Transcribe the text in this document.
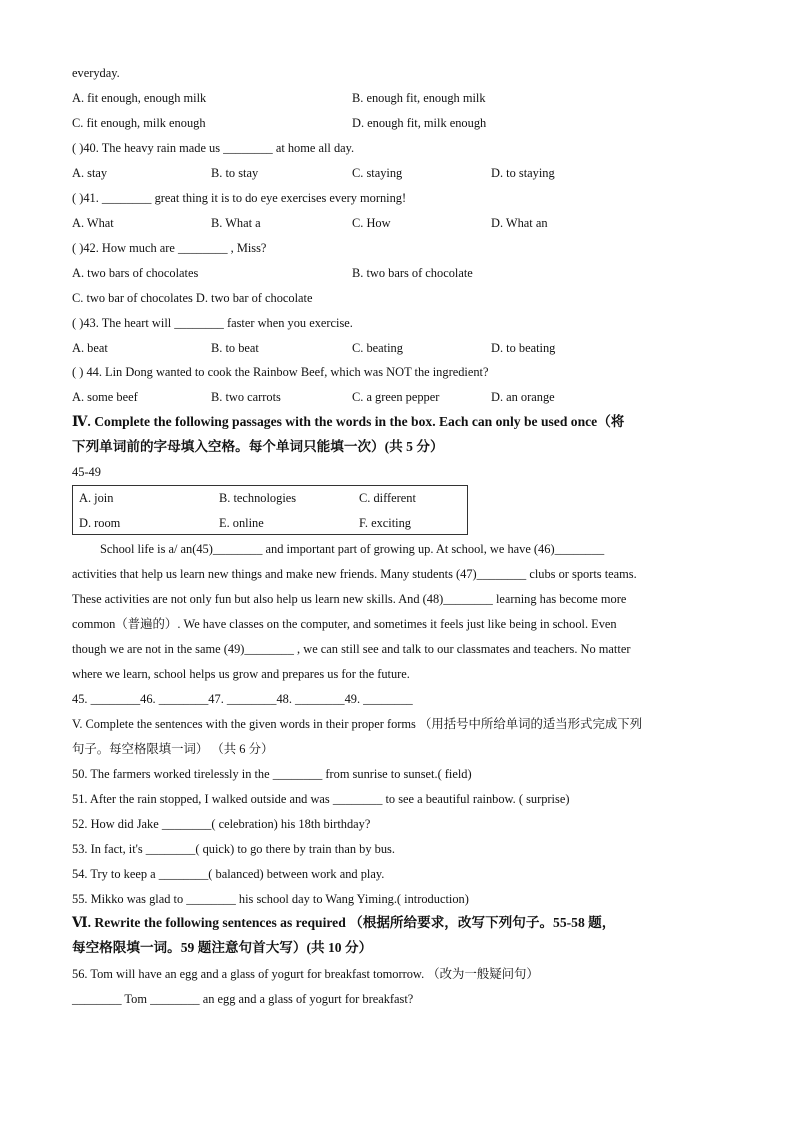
everyday.
A. fit enough, enough milk	B. enough fit, enough milk
C. fit enough, milk enough	D. enough fit, milk enough
( )40. The heavy rain made us ________ at home all day.
A. stay	B. to stay	C. staying	D. to staying
( )41. ________ great thing it is to do eye exercises every morning!
A. What	B. What a	C. How	D. What an
( )42. How much are ________ , Miss?
A. two bars of chocolates	B. two bars of chocolate
C. two bar of chocolates D. two bar of chocolate
( )43. The heart will ________ faster when you exercise.
A. beat	B. to beat	C. beating	D. to beating
( ) 44. Lin Dong wanted to cook the Rainbow Beef, which was NOT the ingredient?
A. some beef	B. two carrots	C. a green pepper	D. an orange
Ⅳ. Complete the following passages with the words in the box. Each can only be used once（将
下列单词前的字母填入空格。每个单词只能填一次）(共 5 分）
45-49
A. join	B. technologies	C. different
D. room	E. online	F. exciting
School life is a/ an(45)________ and important part of growing up. At school, we have (46)________
activities that help us learn new things and make new friends. Many students (47)________ clubs or sports teams.
These activities are not only fun but also help us learn new skills. And (48)________ learning has become more
common（普遍的）. We have classes on the computer, and sometimes it feels just like being in school. Even
though we are not in the same (49)________ , we can still see and talk to our classmates and teachers. No matter
where we learn, school helps us grow and prepares us for the future.
45. ________46. ________47. ________48. ________49. ________
V. Complete the sentences with the given words in their proper forms （用括号中所给单词的适当形式完成下列
句子。每空格限填一词） （共 6 分）
50. The farmers worked tirelessly in the ________ from sunrise to sunset.( field)
51. After the rain stopped, I walked outside and was ________ to see a beautiful rainbow. ( surprise)
52. How did Jake ________( celebration) his 18th birthday?
53. In fact, it's ________( quick) to go there by train than by bus.
54. Try to keep a ________( balanced) between work and play.
55. Mikko was glad to ________ his school day to Wang Yiming.( introduction)
Ⅵ. Rewrite the following sentences as required （根据所给要求，改写下列句子。55-58 题，
每空格限填一词。59 题注意句首大写）(共 10 分）
56. Tom will have an egg and a glass of yogurt for breakfast tomorrow. （改为一般疑问句）
________ Tom ________ an egg and a glass of yogurt for breakfast?
